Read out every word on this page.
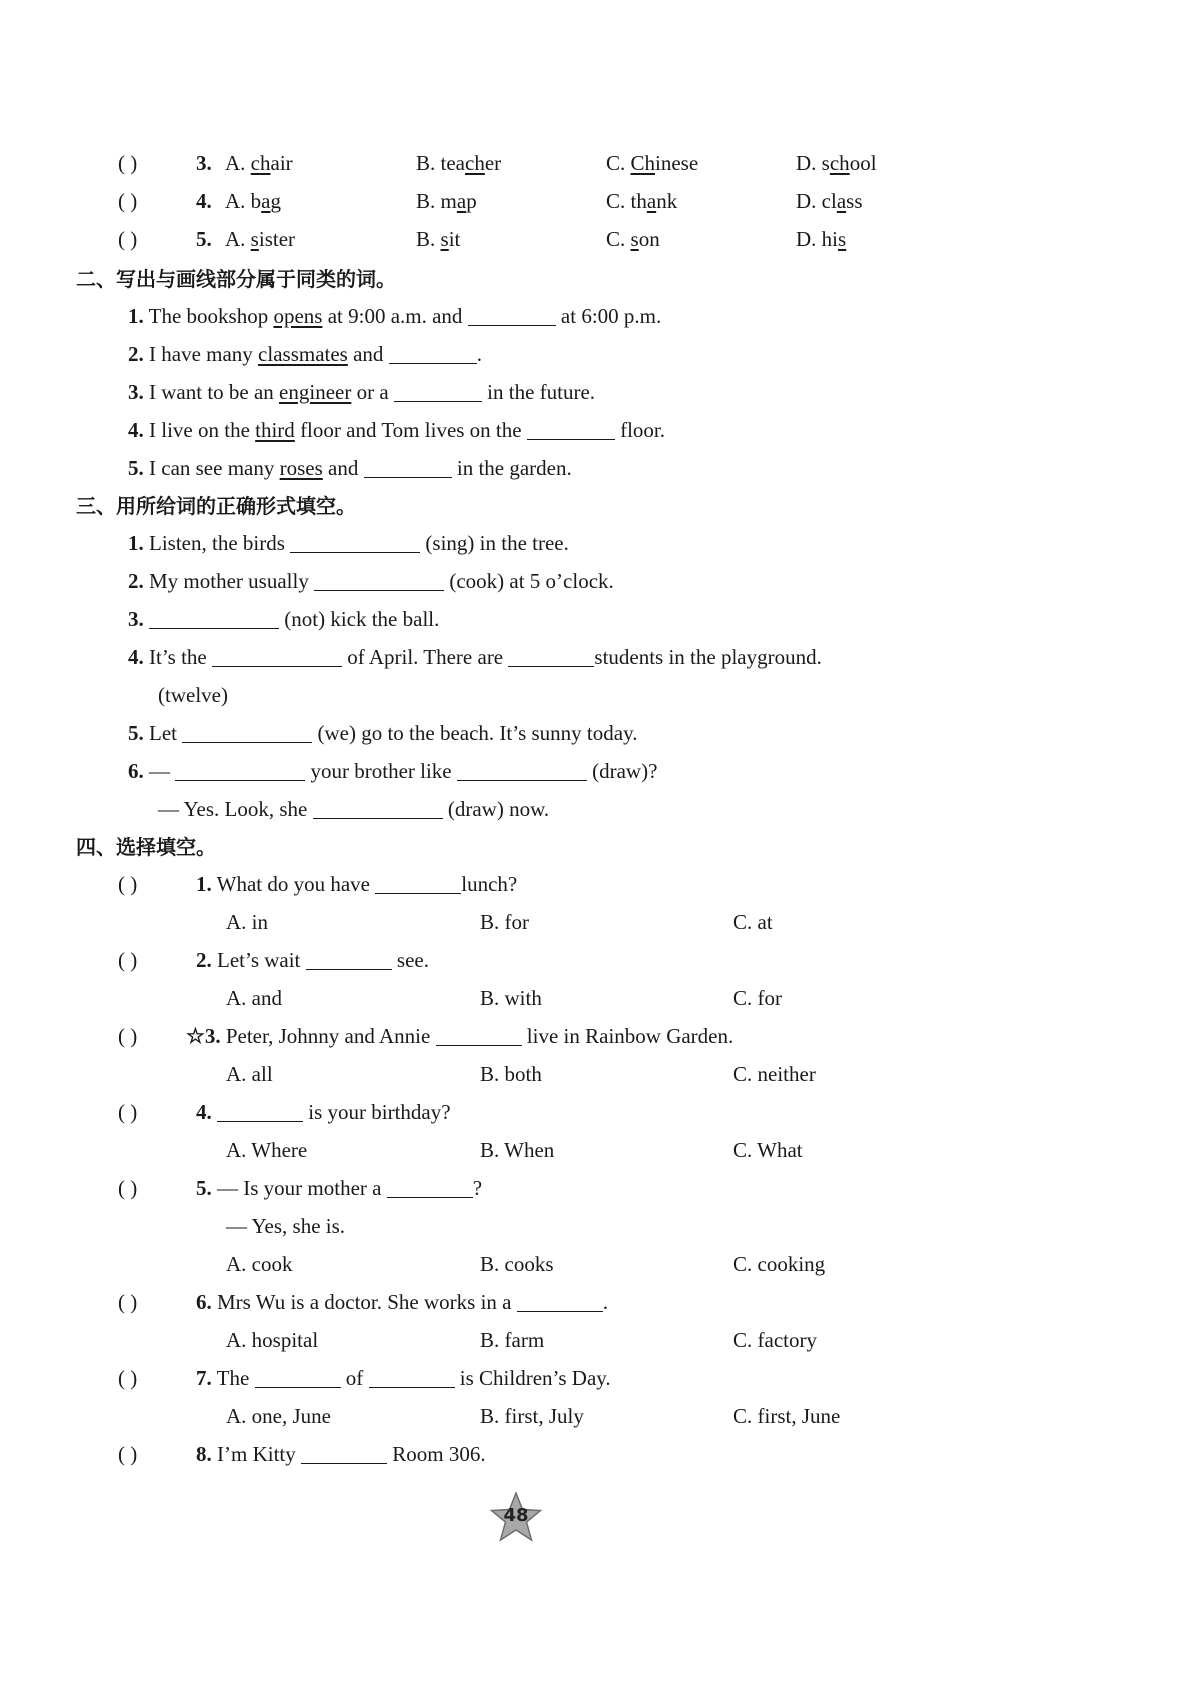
( )	3. A. chair	B. teacher	C. Chinese	D. school
( )	4. A. bag	B. map	C. thank	D. class
( )	5. A. sister	B. sit	C. son	D. his
二、写出与画线部分属于同类的词。
1. The bookshop opens at 9:00 a.m. and	at 6:00 p.m.
2. I have many classmates and	.
3. I want to be an engineer or a	in the future.
4. I live on the third floor and Tom lives on the	floor.
5. I can see many roses and	in the garden.
三、用所给词的正确形式填空。
1. Listen, the birds	(sing) in the tree.
2. My mother usually	(cook) at 5 o’clock.
3.	(not) kick the ball.
4. It’s the	of April. There are	students in the playground.
(twelve)
5. Let	(we) go to the beach. It’s sunny today.
6. —	your brother like	(draw)?
— Yes. Look, she	(draw) now.
四、选择填空。
( )	1. What do you have	lunch?
A. in	B. for	C. at
( )	2. Let’s wait	see.
A. and	B. with	C. for
( ) ☆3. Peter, Johnny and Annie	live in Rainbow Garden.
A. all	B. both	C. neither
( )	4.	is your birthday?
A. Where	B. When	C. What
( )	5. — Is your mother a	?
— Yes, she is.
A. cook	B. cooks	C. cooking
( )	6. Mrs Wu is a doctor. She works in a	.
A. hospital	B. farm	C. factory
( )	7. The	of	is Children’s Day.
A. one, June	B. first, July	C. first, June
( )	8. I’m Kitty	Room 306.
48
